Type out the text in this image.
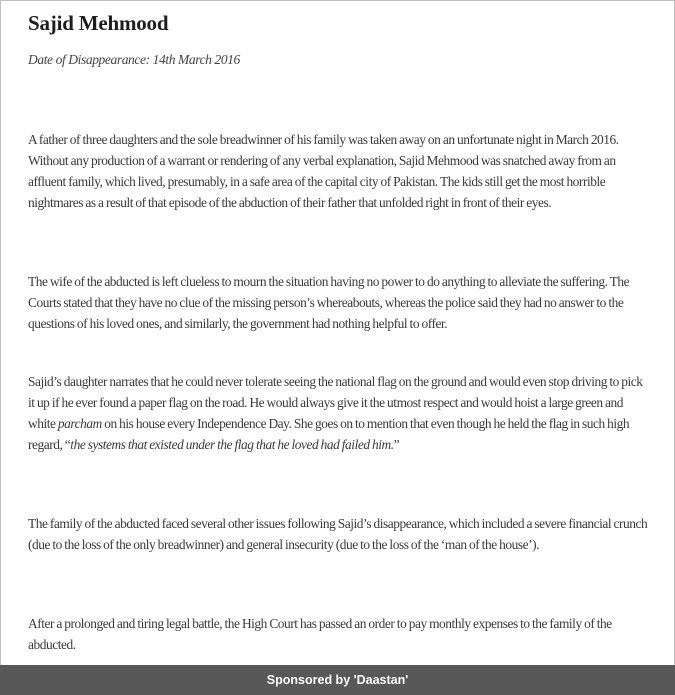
Sajid Mehmood

Date of Disappearance: 14th March 2016

A father of three daughters and the sole breadwinner of his family was taken away on an unfortunate night in March 2016. Without any production of a warrant or rendering of any verbal explanation, Sajid Mehmood was snatched away from an affluent family, which lived, presumably, in a safe area of the capital city of Pakistan. The kids still get the most horrible nightmares as a result of that episode of the abduction of their father that unfolded right in front of their eyes.

The wife of the abducted is left clueless to mourn the situation having no power to do anything to alleviate the suffering. The Courts stated that they have no clue of the missing person’s whereabouts, whereas the police said they had no answer to the questions of his loved ones, and similarly, the government had nothing helpful to offer.

Sajid’s daughter narrates that he could never tolerate seeing the national flag on the ground and would even stop driving to pick it up if he ever found a paper flag on the road. He would always give it the utmost respect and would hoist a large green and white parcham on his house every Independence Day. She goes on to mention that even though he held the flag in such high regard, “the systems that existed under the flag that he loved had failed him.”

The family of the abducted faced several other issues following Sajid’s disappearance, which included a severe financial crunch (due to the loss of the only breadwinner) and general insecurity (due to the loss of the ‘man of the house’).

After a prolonged and tiring legal battle, the High Court has passed an order to pay monthly expenses to the family of the abducted.

Sponsored by 'Daastan'
